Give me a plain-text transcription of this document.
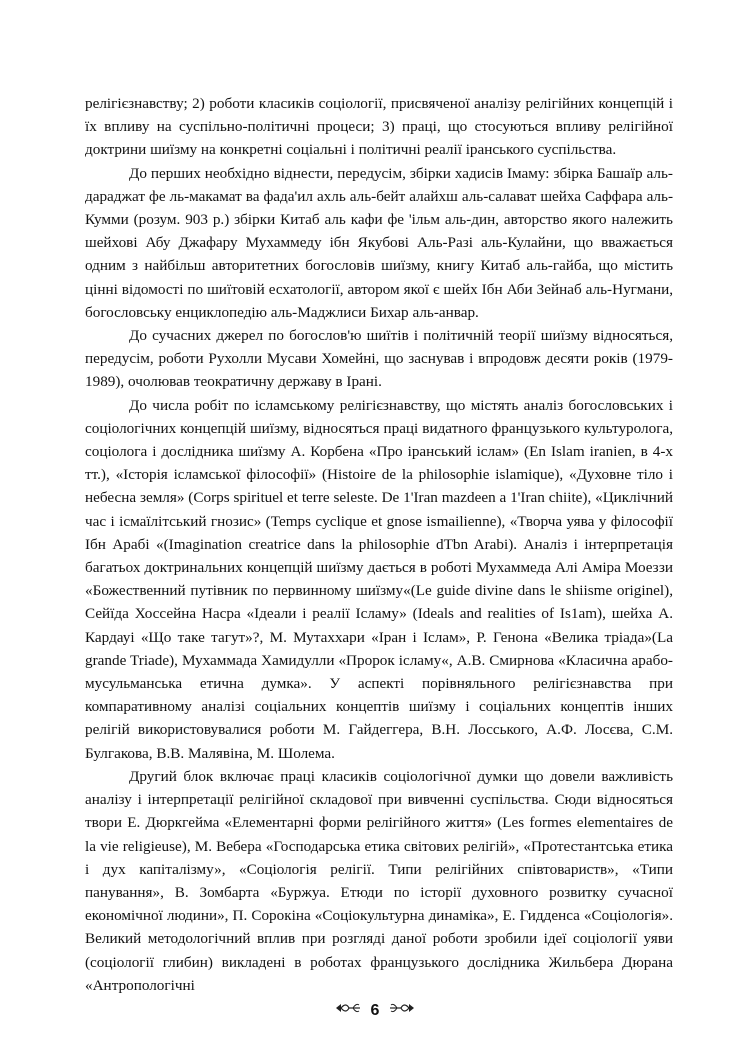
релігієзнавству; 2) роботи класиків соціології, присвяченої аналізу релігійних концепцій і їх впливу на суспільно-політичні процеси; 3) праці, що стосуються впливу релігійної доктрини шиїзму на конкретні соціальні і політичні реалії іранського суспільства.

До перших необхідно віднести, передусім, збірки хадисів Імаму: збірка Башаїр аль-дараджат фе ль-макамат ва фада'ил ахль аль-бейт алайхш аль-салават шейха Саффара аль-Кумми (розум. 903 р.) збірки Китаб аль кафи фе 'ільм аль-дин, авторство якого належить шейхові Абу Джафару Мухаммеду ібн Якубові Аль-Разі аль-Кулайни, що вважається одним з найбільш авторитетних богословів шиїзму, книгу Китаб аль-гайба, що містить цінні відомості по шиїтовій есхатології, автором якої є шейх Ібн Аби Зейнаб аль-Нугмани, богословську енциклопедію аль-Маджлиси Бихар аль-анвар.

До сучасних джерел по богослов'ю шиїтів і політичній теорії шиїзму відносяться, передусім, роботи Рухолли Мусави Хомейні, що заснував і впродовж десяти років (1979-1989), очолював теократичну державу в Ірані.

До числа робіт по ісламському релігієзнавству, що містять аналіз богословських і соціологічних концепцій шиїзму, відносяться праці видатного французького культуролога, соціолога і дослідника шиїзму А. Корбена «Про іранський іслам» (En Islam iranien, в 4-х тт.), «Історія ісламської філософії» (Histoire de la philosophie islamique), «Духовне тіло і небесна земля» (Corps spirituel et terre seleste. De 1'Iran mazdeen a 1'Iran chiite), «Циклічний час і ісмаїлітський гнозис» (Temps cyclique et gnose ismailienne), «Творча уява у філософії Ібн Арабі «(Imagination creatrice dans la philosophie dTbn Arabi). Аналіз і інтерпретація багатьох доктринальних концепцій шиїзму дається в роботі Мухаммеда Алі Аміра Моеззи «Божественний путівник по первинному шиїзму«(Le guide divine dans le shiisme originel), Сейїда Хоссейна Насра «Ідеали і реалії Ісламу» (Ideals and realities of Is1am), шейха А. Кардауі «Що таке тагут»?, М. Мутаххари «Іран і Іслам», Р. Генона «Велика тріада»(La grande Triade), Мухаммада Хамидулли «Пророк ісламу«, А.В. Смирнова «Класична арабо-мусульманська етична думка». У аспекті порівняльного релігієзнавства при компаративному аналізі соціальних концептів шиїзму і соціальних концептів інших релігій використовувалися роботи М. Гайдеггера, В.Н. Лосського, А.Ф. Лосєва, С.М. Булгакова, В.В. Малявіна, М. Шолема.

Другий блок включає праці класиків соціологічної думки що довели важливість аналізу і інтерпретації релігійної складової при вивченні суспільства. Сюди відносяться твори Е. Дюркгейма «Елементарні форми релігійного життя» (Les formes elementaires de la vie religieuse), М. Вебера «Господарська етика світових релігій», «Протестантська етика і дух капіталізму», «Соціологія релігії. Типи релігійних співтовариств», «Типи панування», В. Зомбарта «Буржуа. Етюди по історії духовного розвитку сучасної економічної людини», П. Сорокіна «Соціокультурна динаміка», Е. Гидденса «Соціологія». Великий методологічний вплив при розгляді даної роботи зробили ідеї соціології уяви (соціології глибин) викладені в роботах французького дослідника Жильбера Дюрана «Антропологічні

6
